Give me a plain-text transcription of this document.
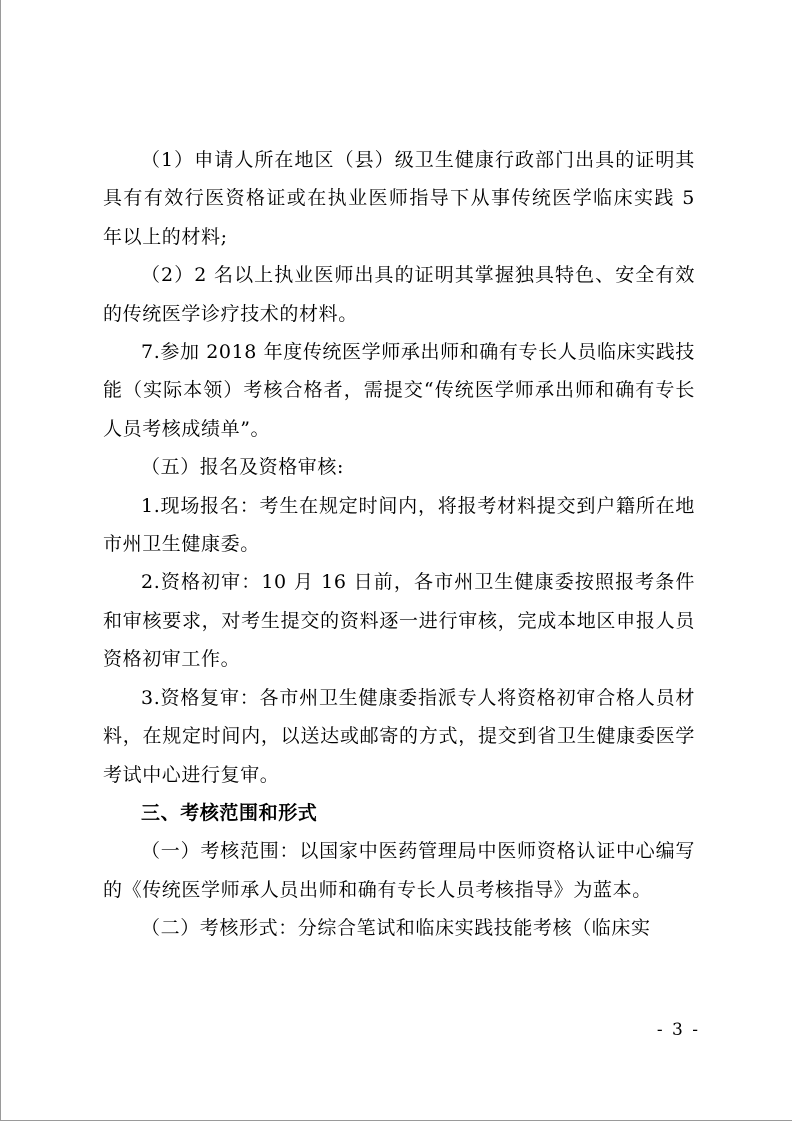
（1）申请人所在地区（县）级卫生健康行政部门出具的证明其具有有效行医资格证或在执业医师指导下从事传统医学临床实践 5 年以上的材料;

（2）2 名以上执业医师出具的证明其掌握独具特色、安全有效的传统医学诊疗技术的材料。

7.参加 2018 年度传统医学师承出师和确有专长人员临床实践技能（实际本领）考核合格者，需提交“传统医学师承出师和确有专长人员考核成绩单”。

（五）报名及资格审核:

1.现场报名：考生在规定时间内，将报考材料提交到户籍所在地市州卫生健康委。

2.资格初审：10 月 16 日前，各市州卫生健康委按照报考条件和审核要求，对考生提交的资料逐一进行审核，完成本地区申报人员资格初审工作。

3.资格复审：各市州卫生健康委指派专人将资格初审合格人员材料，在规定时间内，以送达或邮寄的方式，提交到省卫生健康委医学考试中心进行复审。

三、考核范围和形式

（一）考核范围：以国家中医药管理局中医师资格认证中心编写的《传统医学师承人员出师和确有专长人员考核指导》为蓝本。

（二）考核形式：分综合笔试和临床实践技能考核（临床实

- 3 -
